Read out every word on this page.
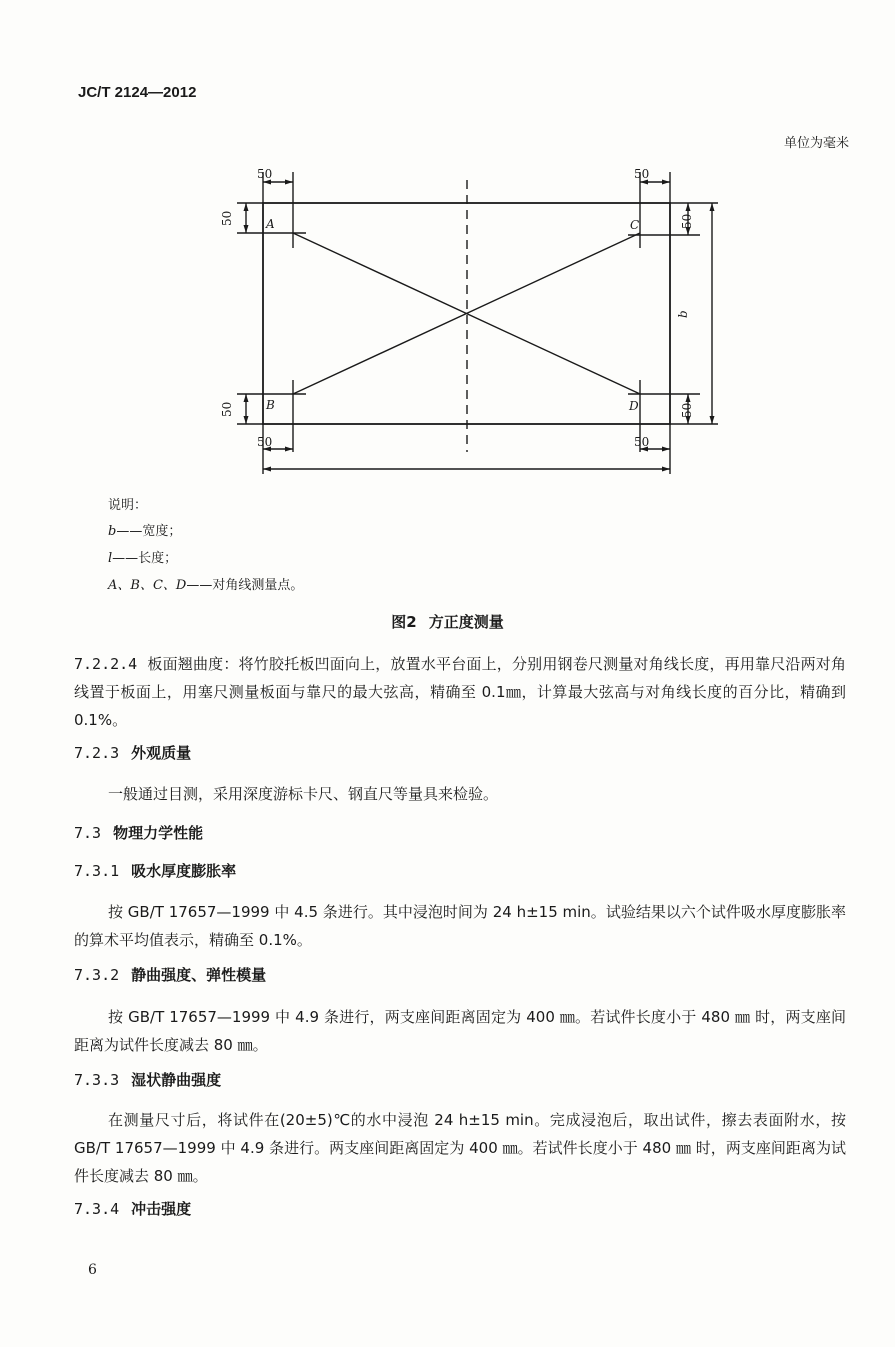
JC/T 2124—2012
单位为毫米
50	50
50	50
50
50
50
50
b
A
B
C
D
说明：
b——宽度；
l——长度；
A、B、C、D——对角线测量点。
图2 方正度测量
7.2.2.4 板面翘曲度：将竹胶托板凹面向上，放置水平台面上，分别用钢卷尺测量对角线长度，再用靠尺沿两对角线置于板面上，用塞尺测量板面与靠尺的最大弦高，精确至 0.1㎜，计算最大弦高与对角线长度的百分比，精确到 0.1%。
7.2.3 外观质量
一般通过目测，采用深度游标卡尺、钢直尺等量具来检验。
7.3 物理力学性能
7.3.1 吸水厚度膨胀率
按 GB/T 17657—1999 中 4.5 条进行。其中浸泡时间为 24 h±15 min。试验结果以六个试件吸水厚度膨胀率的算术平均值表示，精确至 0.1%。
7.3.2 静曲强度、弹性模量
按 GB/T 17657—1999 中 4.9 条进行，两支座间距离固定为 400 ㎜。若试件长度小于 480 ㎜ 时，两支座间距离为试件长度减去 80 ㎜。
7.3.3 湿状静曲强度
在测量尺寸后，将试件在(20±5)℃的水中浸泡 24 h±15 min。完成浸泡后，取出试件，擦去表面附水，按 GB/T 17657—1999 中 4.9 条进行。两支座间距离固定为 400 ㎜。若试件长度小于 480 ㎜ 时，两支座间距离为试件长度减去 80 ㎜。
7.3.4 冲击强度
6
